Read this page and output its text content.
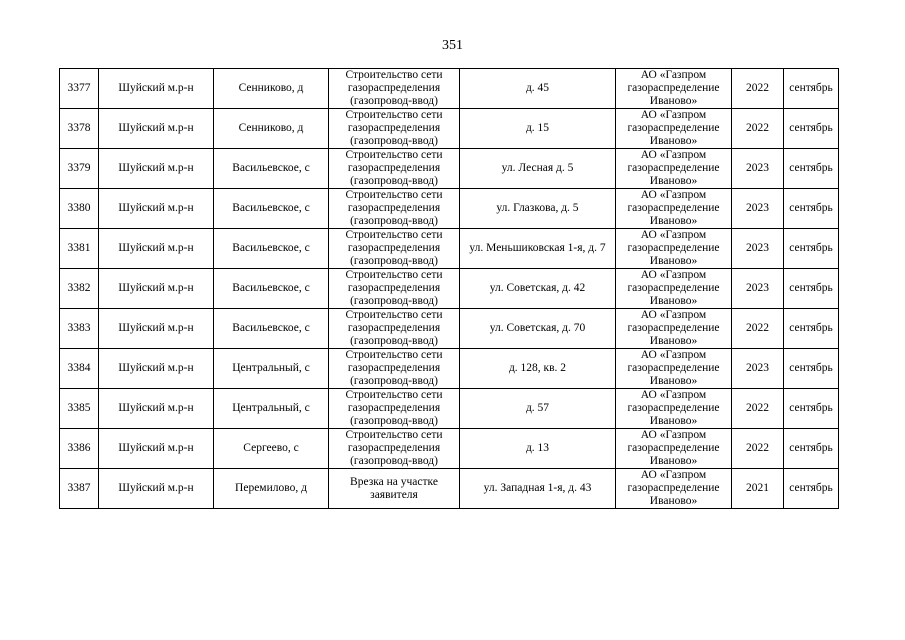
351
3377	Шуйский м.р-н	Сенниково, д	Строительство сети газораспределения (газопровод-ввод)	д. 45	АО «Газпром газораспределение Иваново»	2022	сентябрь
3378	Шуйский м.р-н	Сенниково, д	Строительство сети газораспределения (газопровод-ввод)	д. 15	АО «Газпром газораспределение Иваново»	2022	сентябрь
3379	Шуйский м.р-н	Васильевское, с	Строительство сети газораспределения (газопровод-ввод)	ул. Лесная д. 5	АО «Газпром газораспределение Иваново»	2023	сентябрь
3380	Шуйский м.р-н	Васильевское, с	Строительство сети газораспределения (газопровод-ввод)	ул. Глазкова, д. 5	АО «Газпром газораспределение Иваново»	2023	сентябрь
3381	Шуйский м.р-н	Васильевское, с	Строительство сети газораспределения (газопровод-ввод)	ул. Меньшиковская 1-я, д. 7	АО «Газпром газораспределение Иваново»	2023	сентябрь
3382	Шуйский м.р-н	Васильевское, с	Строительство сети газораспределения (газопровод-ввод)	ул. Советская, д. 42	АО «Газпром газораспределение Иваново»	2023	сентябрь
3383	Шуйский м.р-н	Васильевское, с	Строительство сети газораспределения (газопровод-ввод)	ул. Советская, д. 70	АО «Газпром газораспределение Иваново»	2022	сентябрь
3384	Шуйский м.р-н	Центральный, с	Строительство сети газораспределения (газопровод-ввод)	д. 128, кв. 2	АО «Газпром газораспределение Иваново»	2023	сентябрь
3385	Шуйский м.р-н	Центральный, с	Строительство сети газораспределения (газопровод-ввод)	д. 57	АО «Газпром газораспределение Иваново»	2022	сентябрь
3386	Шуйский м.р-н	Сергеево, с	Строительство сети газораспределения (газопровод-ввод)	д. 13	АО «Газпром газораспределение Иваново»	2022	сентябрь
3387	Шуйский м.р-н	Перемилово, д	Врезка на участке заявителя	ул. Западная 1-я, д. 43	АО «Газпром газораспределение Иваново»	2021	сентябрь
